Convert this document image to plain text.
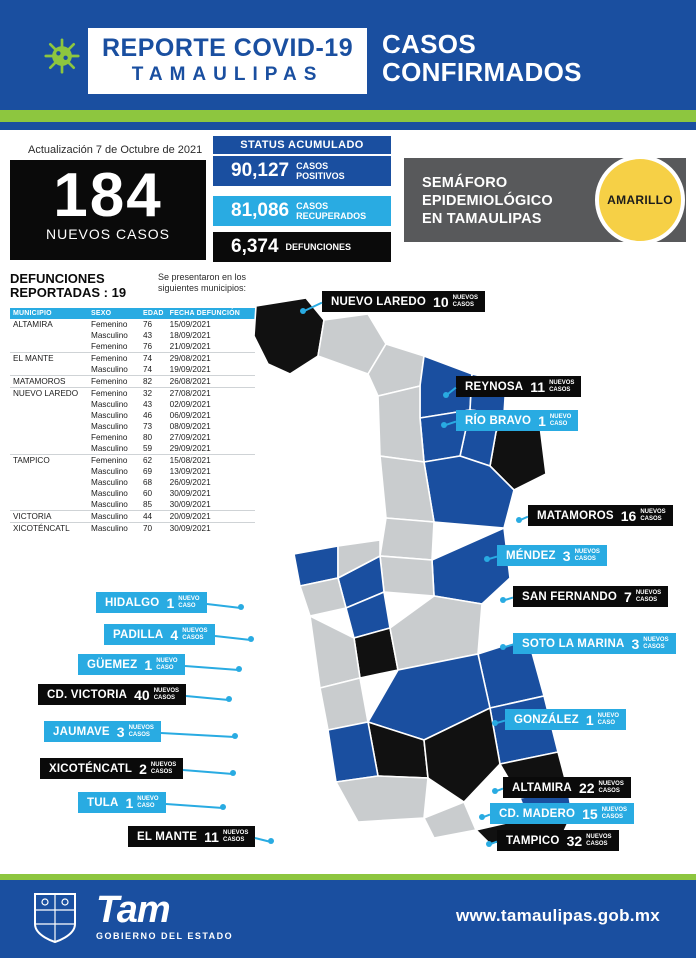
REPORTE COVID-19
TAMAULIPAS
CASOS
CONFIRMADOS
Actualización 7 de Octubre de 2021
184
NUEVOS CASOS
STATUS ACUMULADO
90,127 CASOS
POSITIVOS
81,086 CASOS
RECUPERADOS
6,374 DEFUNCIONES
SEMÁFORO
EPIDEMIOLÓGICO
EN TAMAULIPAS
AMARILLO
DEFUNCIONES
REPORTADAS : 19
Se presentaron en los siguientes municipios:
MUNICIPIO	SEXO	EDAD	FECHA DEFUNCIÓN
ALTAMIRA	Femenino	76	15/09/2021
	Masculino	43	18/09/2021
	Femenino	76	21/09/2021
EL MANTE	Femenino	74	29/08/2021
	Masculino	74	19/09/2021
MATAMOROS	Femenino	82	26/08/2021
NUEVO LAREDO	Femenino	32	27/08/2021
	Masculino	43	02/09/2021
	Masculino	46	06/09/2021
	Masculino	73	08/09/2021
	Femenino	80	27/09/2021
	Masculino	59	29/09/2021
TAMPICO	Femenino	62	15/08/2021
	Masculino	69	13/09/2021
	Masculino	68	26/09/2021
	Masculino	60	30/09/2021
	Masculino	85	30/09/2021
VICTORIA	Masculino	44	20/09/2021
XICOTÉNCATL	Masculino	70	30/09/2021
NUEVO LAREDO 10 NUEVOS
CASOS
REYNOSA 11 NUEVOS
CASOS
RÍO BRAVO 1 NUEVO
CASO
MATAMOROS 16 NUEVOS
CASOS
MÉNDEZ 3 NUEVOS
CASOS
SAN FERNANDO 7 NUEVOS
CASOS
SOTO LA MARINA 3 NUEVOS
CASOS
GONZÁLEZ 1 NUEVO
CASO
ALTAMIRA 22 NUEVOS
CASOS
CD. MADERO 15 NUEVOS
CASOS
TAMPICO 32 NUEVOS
CASOS
HIDALGO 1 NUEVO
CASO
PADILLA 4 NUEVOS
CASOS
GÜEMEZ 1 NUEVO
CASO
CD. VICTORIA 40 NUEVOS
CASOS
JAUMAVE 3 NUEVOS
CASOS
XICOTÉNCATL 2 NUEVOS
CASOS
TULA 1 NUEVO
CASO
EL MANTE 11 NUEVOS
CASOS
Tam
GOBIERNO DEL ESTADO
www.tamaulipas.gob.mx
